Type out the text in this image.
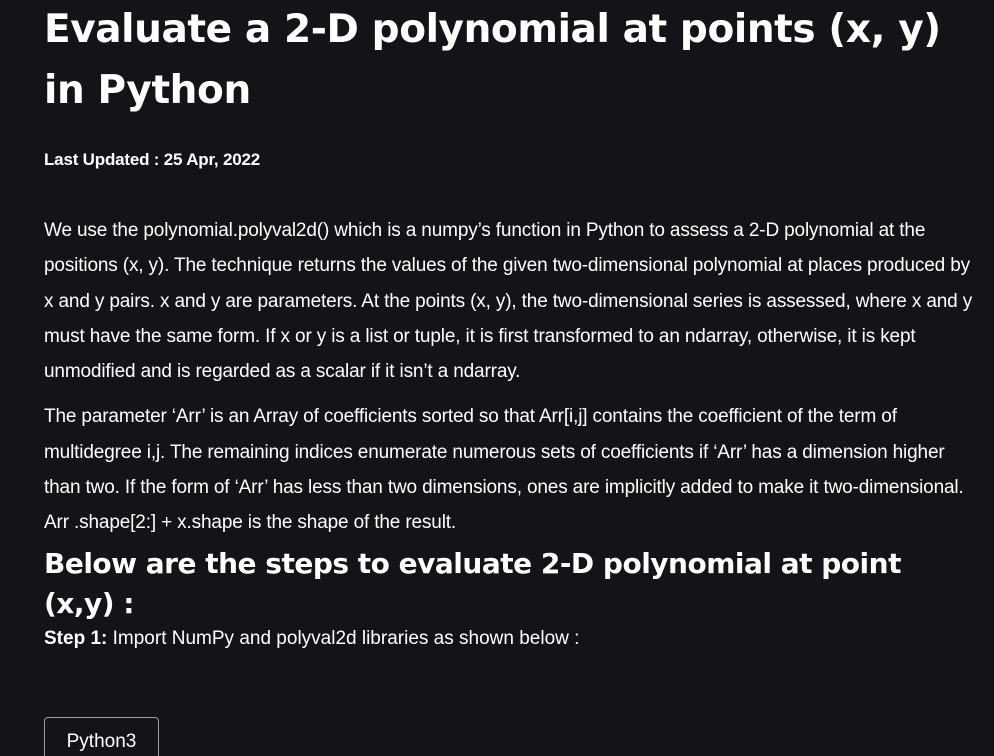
Evaluate a 2-D polynomial at points (x, y) in Python
Last Updated : 25 Apr, 2022

We use the polynomial.polyval2d() which is a numpy’s function in Python to assess a 2-D polynomial at the positions (x, y). The technique returns the values of the given two-dimensional polynomial at places produced by x and y pairs. x and y are parameters. At the points (x, y), the two-dimensional series is assessed, where x and y must have the same form. If x or y is a list or tuple, it is first transformed to an ndarray, otherwise, it is kept unmodified and is regarded as a scalar if it isn’t a ndarray.

The parameter ‘Arr’ is an Array of coefficients sorted so that Arr[i,j] contains the coefficient of the term of multidegree i,j. The remaining indices enumerate numerous sets of coefficients if ‘Arr’ has a dimension higher than two. If the form of ‘Arr’ has less than two dimensions, ones are implicitly added to make it two-dimensional. Arr .shape[2:] + x.shape is the shape of the result.

Below are the steps to evaluate 2-D polynomial at point (x,y) :

Step 1: Import NumPy and polyval2d libraries as shown below :

Python3
